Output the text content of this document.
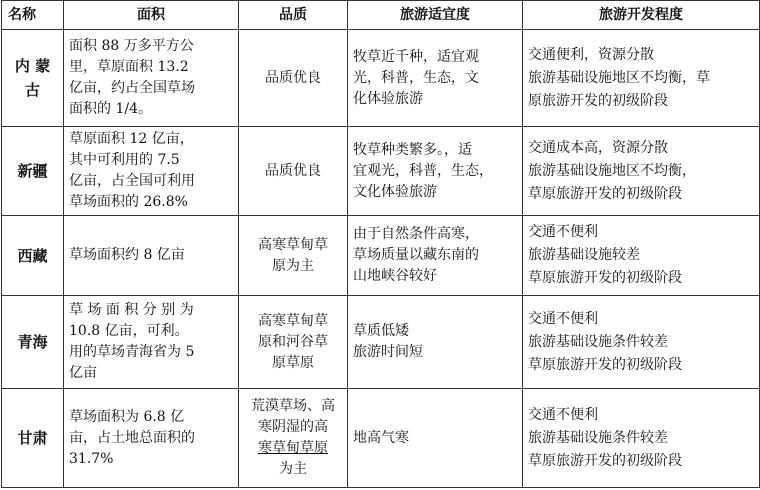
名称	面积	品质	旅游适宜度	旅游开发程度

内 蒙
古	面积 88 万多平方公
里，草原面积 13.2
亿亩，约占全国草场
面积的 1/4。	品质优良	牧草近千种，适宜观
光，科普，生态，文
化体验旅游	交通便利，资源分散
旅游基础设施地区不均衡，草
原旅游开发的初级阶段

新疆	草原面积 12 亿亩，
其中可利用的 7.5
亿亩，占全国可利用
草场面积的 26.8%	品质优良	牧草种类繁多。，适
宜观光，科普，生态，
文化体验旅游	交通成本高，资源分散
旅游基础设施地区不均衡，
草原旅游开发的初级阶段

西藏	草场面积约 8 亿亩	高寒草甸草
原为主	由于自然条件高寒，
草场质量以藏东南的
山地峡谷较好	交通不便利
旅游基础设施较差
草原旅游开发的初级阶段

青海	草 场 面 积 分 别 为
10.8 亿亩，可利。
用的草场青海省为 5
亿亩	高寒草甸草
原和河谷草
原草原	草质低矮
旅游时间短	交通不便利
旅游基础设施条件较差
草原旅游开发的初级阶段

甘肃	草场面积为 6.8 亿
亩，占土地总面积的
31.7%	荒漠草场、高
寒阴湿的高
寒草甸草原
为主	地高气寒	交通不便利
旅游基础设施条件较差
草原旅游开发的初级阶段
